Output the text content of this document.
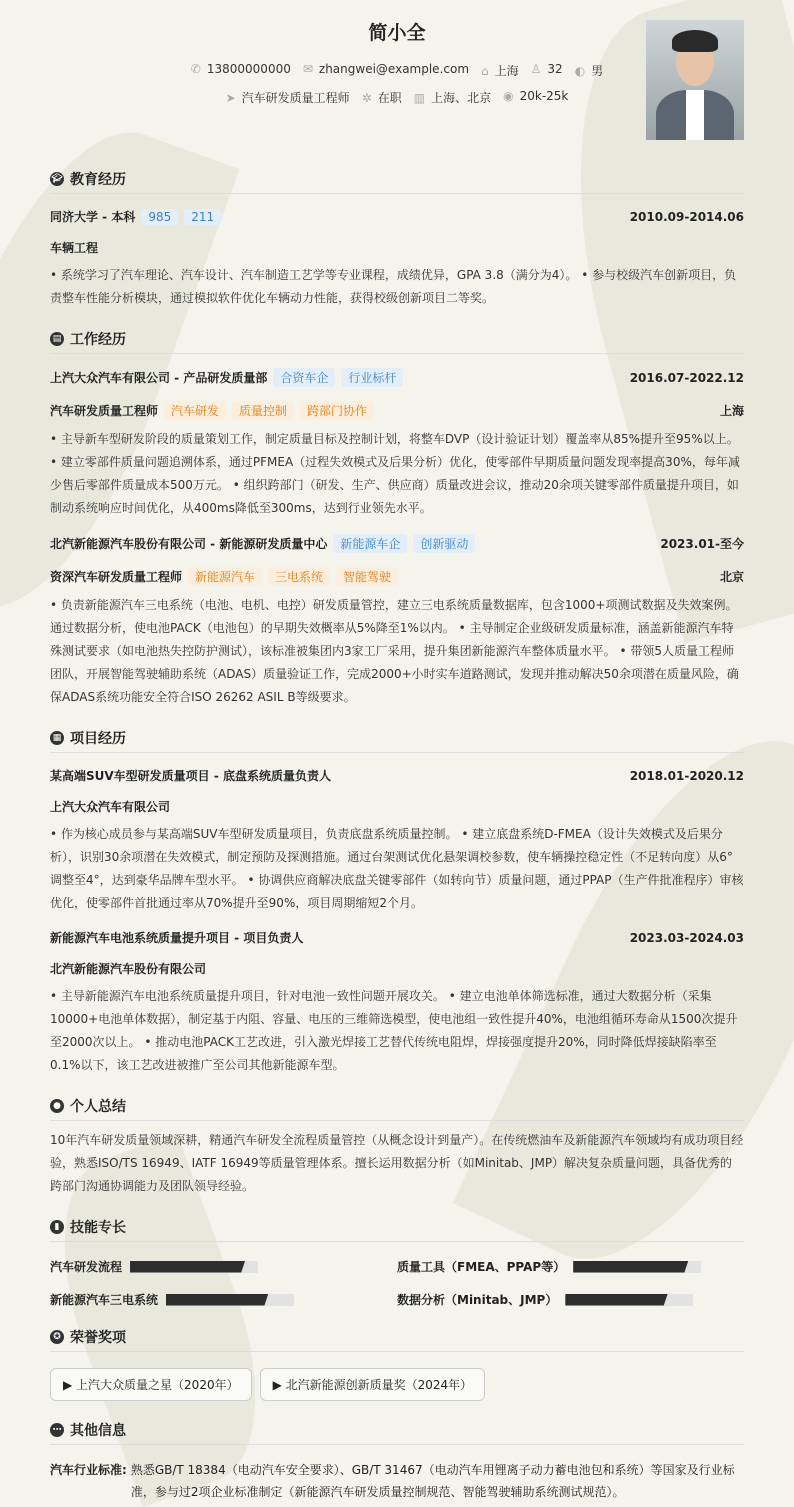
简小全
✆ 13800000000 ✉ zhangwei@example.com ⌂ 上海 ♙ 32 ◐ 男
➤ 汽车研发质量工程师 ✲ 在职 ▥ 上海、北京 ◉ 20k-25k
🎓︎ 教育经历
同济大学 - 本科 985 211	2010.09-2014.06
车辆工程

• 系统学习了汽车理论、汽车设计、汽车制造工艺学等专业课程，成绩优异，GPA 3.8（满分为4）。 • 参与校级汽车创新项目，负责整车性能分析模块，通过模拟软件优化车辆动力性能，获得校级创新项目二等奖。

▤ 工作经历
上汽大众汽车有限公司 - 产品研发质量部 合资车企 行业标杆	2016.07-2022.12
汽车研发质量工程师 汽车研发 质量控制 跨部门协作	上海

• 主导新车型研发阶段的质量策划工作，制定质量目标及控制计划，将整车DVP（设计验证计划）覆盖率从85%提升至95%以上。 • 建立零部件质量问题追溯体系，通过PFMEA（过程失效模式及后果分析）优化，使零部件早期质量问题发现率提高30%，每年减少售后零部件质量成本500万元。 • 组织跨部门（研发、生产、供应商）质量改进会议，推动20余项关键零部件质量提升项目，如制动系统响应时间优化，从400ms降低至300ms，达到行业领先水平。

北汽新能源汽车股份有限公司 - 新能源研发质量中心 新能源车企 创新驱动	2023.01-至今
资深汽车研发质量工程师 新能源汽车 三电系统 智能驾驶	北京

• 负责新能源汽车三电系统（电池、电机、电控）研发质量管控，建立三电系统质量数据库，包含1000+项测试数据及失效案例。通过数据分析，使电池PACK（电池包）的早期失效概率从5%降至1%以内。 • 主导制定企业级研发质量标准，涵盖新能源汽车特殊测试要求（如电池热失控防护测试），该标准被集团内3家工厂采用，提升集团新能源汽车整体质量水平。 • 带领5人质量工程师团队，开展智能驾驶辅助系统（ADAS）质量验证工作，完成2000+小时实车道路测试，发现并推动解决50余项潜在质量风险，确保ADAS系统功能安全符合ISO 26262 ASIL B等级要求。

▦ 项目经历
某高端SUV车型研发质量项目 - 底盘系统质量负责人	2018.01-2020.12
上汽大众汽车有限公司

• 作为核心成员参与某高端SUV车型研发质量项目，负责底盘系统质量控制。 • 建立底盘系统D-FMEA（设计失效模式及后果分析），识别30余项潜在失效模式，制定预防及探测措施。通过台架测试优化悬架调校参数，使车辆操控稳定性（不足转向度）从6°调整至4°，达到豪华品牌车型水平。 • 协调供应商解决底盘关键零部件（如转向节）质量问题，通过PPAP（生产件批准程序）审核优化，使零部件首批通过率从70%提升至90%，项目周期缩短2个月。

新能源汽车电池系统质量提升项目 - 项目负责人	2023.03-2024.03
北汽新能源汽车股份有限公司

• 主导新能源汽车电池系统质量提升项目，针对电池一致性问题开展攻关。 • 建立电池单体筛选标准，通过大数据分析（采集10000+电池单体数据），制定基于内阻、容量、电压的三维筛选模型，使电池组一致性提升40%，电池组循环寿命从1500次提升至2000次以上。 • 推动电池PACK工艺改进，引入激光焊接工艺替代传统电阻焊，焊接强度提升20%，同时降低焊接缺陷率至0.1%以下，该工艺改进被推广至公司其他新能源车型。

● 个人总结

10年汽车研发质量领域深耕，精通汽车研发全流程质量管控（从概念设计到量产）。在传统燃油车及新能源汽车领域均有成功项目经验，熟悉ISO/TS 16949、IATF 16949等质量管理体系。擅长运用数据分析（如Minitab、JMP）解决复杂质量问题，具备优秀的跨部门沟通协调能力及团队领导经验。

▮ 技能专长
汽车研发流程	质量工具（FMEA、PPAP等）
新能源汽车三电系统	数据分析（Minitab、JMP）
✪ 荣誉奖项
▶ 上汽大众质量之星（2020年）	▶ 北汽新能源创新质量奖（2024年）
⋯ 其他信息
汽车行业标准: 熟悉GB/T 18384（电动汽车安全要求）、GB/T 31467（电动汽车用锂离子动力蓄电池包和系统）等国家及行业标准，参与过2项企业标准制定（新能源汽车研发质量控制规范、智能驾驶辅助系统测试规范）。
